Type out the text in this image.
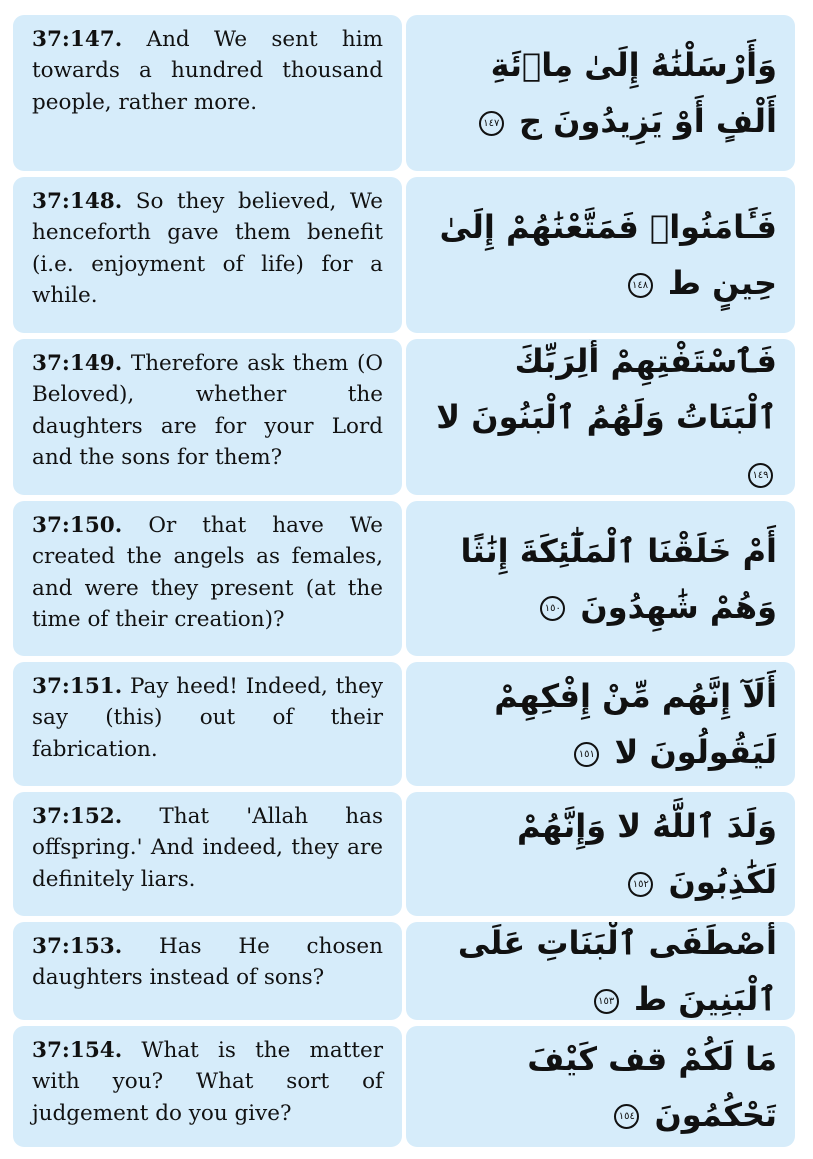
37:147. And We sent him towards a hundred thousand people, rather more.
وَأَرْسَلْنَٰهُ إِلَىٰ مِا۟ئَةِ أَلْفٍ أَوْ يَزِيدُونَ ج ١٤٧
37:148. So they believed, We henceforth gave them benefit (i.e. enjoyment of life) for a while.
فَـَٔامَنُوا۟ فَمَتَّعْنَٰهُمْ إِلَىٰ حِينٍ ط ١٤٨
37:149. Therefore ask them (O Beloved), whether the daughters are for your Lord and the sons for them?
فَٱسْتَفْتِهِمْ أَلِرَبِّكَ ٱلْبَنَاتُ وَلَهُمُ ٱلْبَنُونَ لا ١٤٩
37:150. Or that have We created the angels as females, and were they present (at the time of their creation)?
أَمْ خَلَقْنَا ٱلْمَلَٰٓئِكَةَ إِنَٰثًا وَهُمْ شَٰهِدُونَ ١٥٠
37:151. Pay heed! Indeed, they say (this) out of their fabrication.
أَلَآ إِنَّهُم مِّنْ إِفْكِهِمْ لَيَقُولُونَ لا ١٥١
37:152. That 'Allah has offspring.' And indeed, they are definitely liars.
وَلَدَ ٱللَّهُ لا وَإِنَّهُمْ لَكَٰذِبُونَ ١٥٢
37:153. Has He chosen daughters instead of sons?
أَصْطَفَى ٱلْبَنَاتِ عَلَى ٱلْبَنِينَ ط ١٥٣
37:154. What is the matter with you? What sort of judgement do you give?
مَا لَكُمْ قف كَيْفَ تَحْكُمُونَ ١٥٤
